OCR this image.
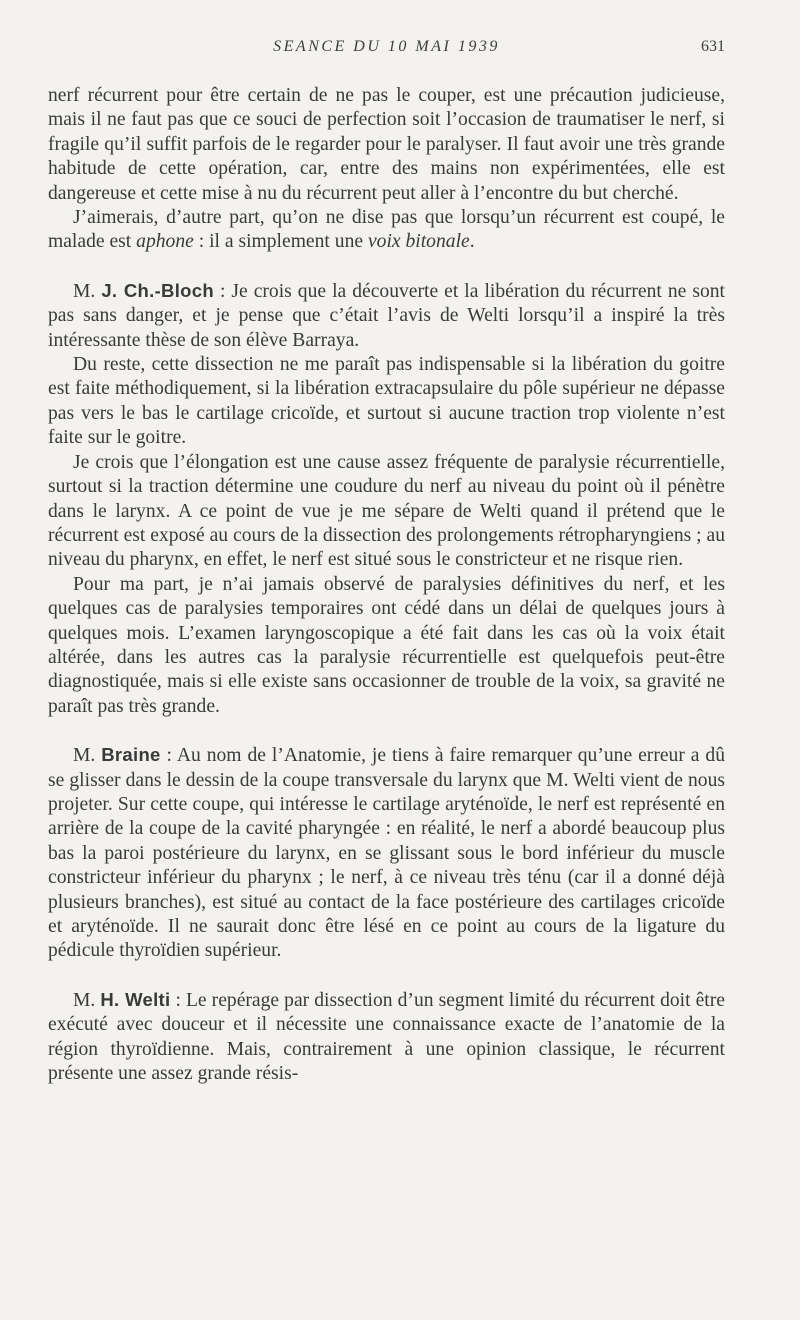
SEANCE DU 10 MAI 1939	631

nerf récurrent pour être certain de ne pas le couper, est une précaution judicieuse, mais il ne faut pas que ce souci de perfection soit l’occasion de traumatiser le nerf, si fragile qu’il suffit parfois de le regarder pour le paralyser. Il faut avoir une très grande habitude de cette opération, car, entre des mains non expérimentées, elle est dangereuse et cette mise à nu du récurrent peut aller à l’encontre du but cherché.

J’aimerais, d’autre part, qu’on ne dise pas que lorsqu’un récurrent est coupé, le malade est aphone : il a simplement une voix bitonale.

M. J. Ch.-Bloch : Je crois que la découverte et la libération du récurrent ne sont pas sans danger, et je pense que c’était l’avis de Welti lorsqu’il a inspiré la très intéressante thèse de son élève Barraya.

Du reste, cette dissection ne me paraît pas indispensable si la libération du goitre est faite méthodiquement, si la libération extracapsulaire du pôle supérieur ne dépasse pas vers le bas le cartilage cricoïde, et surtout si aucune traction trop violente n’est faite sur le goitre.

Je crois que l’élongation est une cause assez fréquente de paralysie récurrentielle, surtout si la traction détermine une coudure du nerf au niveau du point où il pénètre dans le larynx. A ce point de vue je me sépare de Welti quand il prétend que le récurrent est exposé au cours de la dissection des prolongements rétropharyngiens ; au niveau du pharynx, en effet, le nerf est situé sous le constricteur et ne risque rien.

Pour ma part, je n’ai jamais observé de paralysies définitives du nerf, et les quelques cas de paralysies temporaires ont cédé dans un délai de quelques jours à quelques mois. L’examen laryngoscopique a été fait dans les cas où la voix était altérée, dans les autres cas la paralysie récurrentielle est quelquefois peut-être diagnostiquée, mais si elle existe sans occasionner de trouble de la voix, sa gravité ne paraît pas très grande.

M. Braine : Au nom de l’Anatomie, je tiens à faire remarquer qu’une erreur a dû se glisser dans le dessin de la coupe transversale du larynx que M. Welti vient de nous projeter. Sur cette coupe, qui intéresse le cartilage aryténoïde, le nerf est représenté en arrière de la coupe de la cavité pharyngée : en réalité, le nerf a abordé beaucoup plus bas la paroi postérieure du larynx, en se glissant sous le bord inférieur du muscle constricteur inférieur du pharynx ; le nerf, à ce niveau très ténu (car il a donné déjà plusieurs branches), est situé au contact de la face postérieure des cartilages cricoïde et aryténoïde. Il ne saurait donc être lésé en ce point au cours de la ligature du pédicule thyroïdien supérieur.

M. H. Welti : Le repérage par dissection d’un segment limité du récurrent doit être exécuté avec douceur et il nécessite une connaissance exacte de l’anatomie de la région thyroïdienne. Mais, contrairement à une opinion classique, le récurrent présente une assez grande résis-
